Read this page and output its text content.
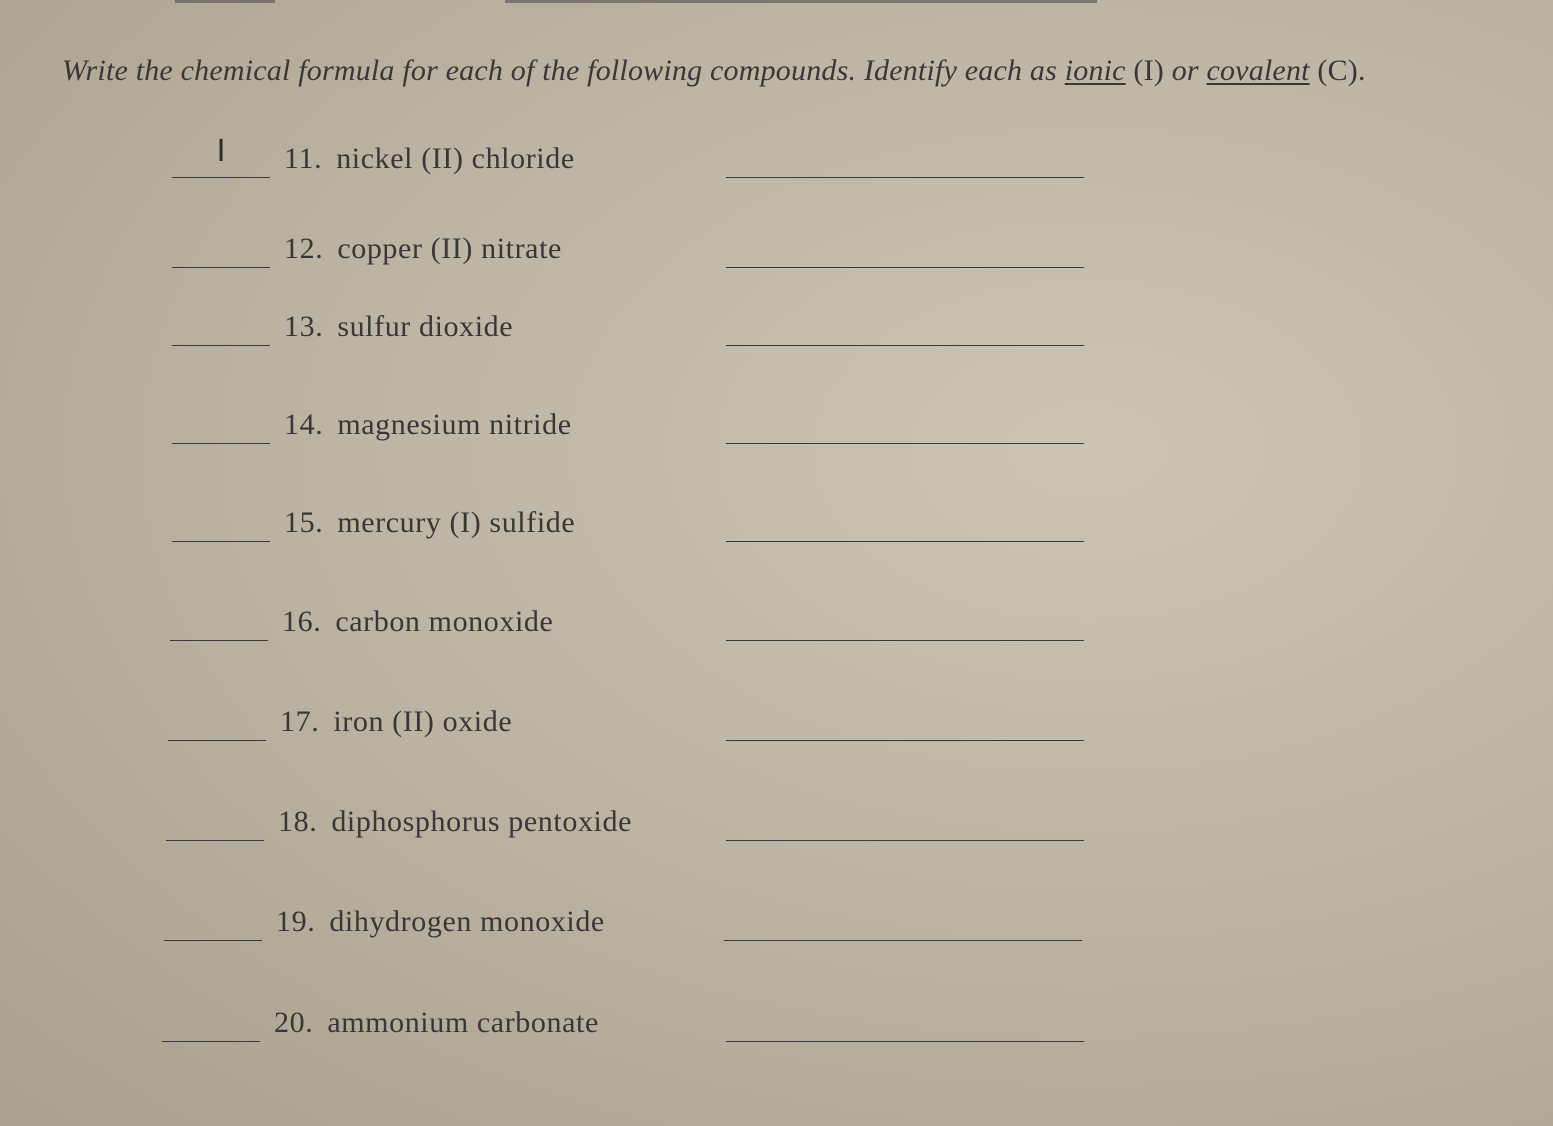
Write the chemical formula for each of the following compounds. Identify each as ionic (I) or covalent (C).
I	11. nickel (II) chloride
12. copper (II) nitrate
13. sulfur dioxide
14. magnesium nitride
15. mercury (I) sulfide
16. carbon monoxide
17. iron (II) oxide
18. diphosphorus pentoxide
19. dihydrogen monoxide
20. ammonium carbonate
